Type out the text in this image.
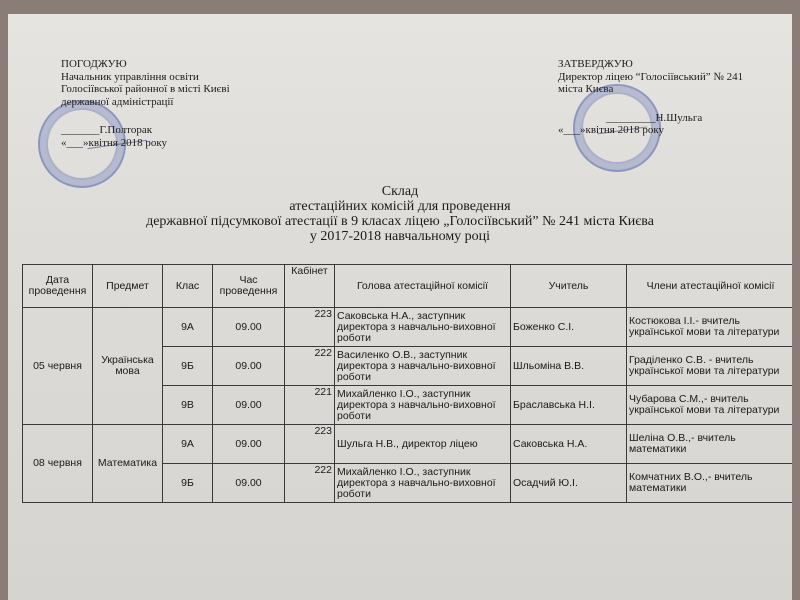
ПОГОДЖУЮ
Начальник управління освіти
Голосіївської районної в місті Києві
державної адміністрації
_______Г.Полторак
«___»квітня 2018 року
ЗАТВЕРДЖУЮ
Директор ліцею “Голосіївський” № 241
міста Києва
_________Н.Шульга
«___»квітня 2018 року
Склад
атестаційних комісій для проведення
державної підсумкової атестації в 9 класах ліцею „Голосіївський” № 241 міста Києва
у 2017-2018 навчальному році
Дата проведення	Предмет	Клас	Час проведення	Кабінет	Голова атестаційної комісії	Учитель	Члени атестаційної комісії
05 червня	Українська мова	9А	09.00	223	Саковська Н.А., заступник директора з навчально-виховної роботи	Боженко С.І.	Костюкова І.І.- вчитель української мови та літератури
		9Б	09.00	222	Василенко О.В., заступник директора з навчально-виховної роботи	Шльоміна В.В.	Граділенко С.В. - вчитель української мови та літератури
		9В	09.00	221	Михайленко І.О., заступник директора з навчально-виховної роботи	Браславська Н.І.	Чубарова С.М.,- вчитель української мови та літератури
08 червня	Математика	9А	09.00	223	Шульга Н.В., директор ліцею	Саковська Н.А.	Шеліна О.В.,- вчитель математики
		9Б	09.00	222	Михайленко І.О., заступник директора з навчально-виховної роботи	Осадчий Ю.І.	Комчатних В.О.,- вчитель математики
